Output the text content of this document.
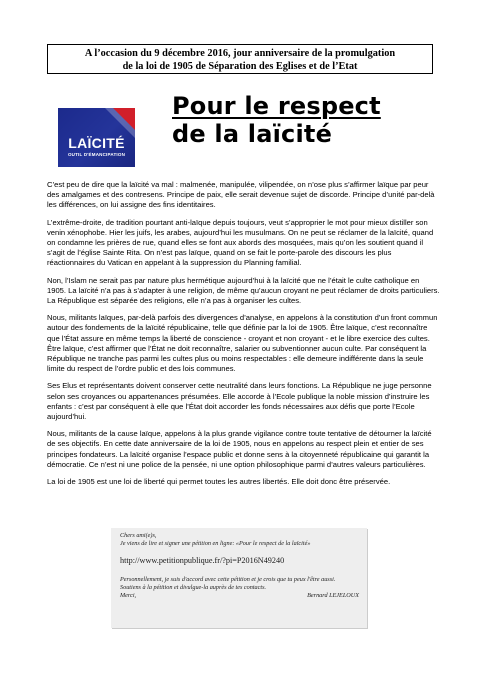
A l’occasion du 9 décembre 2016, jour anniversaire de la promulgation
de la loi de 1905 de Séparation des Eglises et de l’Etat
LAÏCITÉ
OUTIL D'ÉMANCIPATION
Pour le respect
de la laïcité

C’est peu de dire que la laïcité va mal : malmenée, manipulée, vilipendée, on n’ose plus s’affirmer laïque par peur des amalgames et des contresens. Principe de paix, elle serait devenue sujet de discorde. Principe d’unité par-delà les différences, on lui assigne des fins identitaires.

L’extrême-droite, de tradition pourtant anti-laïque depuis toujours, veut s’approprier le mot pour mieux distiller son venin xénophobe. Hier les juifs, les arabes, aujourd’hui les musulmans. On ne peut se réclamer de la laïcité, quand on condamne les prières de rue, quand elles se font aux abords des mosquées, mais qu’on les soutient quand il s’agit de l’église Sainte Rita. On n’est pas laïque, quand on se fait le porte-parole des discours les plus réactionnaires du Vatican en appelant à la suppression du Planning familial.

Non, l’Islam ne serait pas par nature plus hermétique aujourd’hui à la laïcité que ne l’était le culte catholique en 1905. La laïcité n’a pas à s’adapter à une religion, de même qu’aucun croyant ne peut réclamer de droits particuliers. La République est séparée des religions, elle n’a pas à organiser les cultes.

Nous, militants laïques, par-delà parfois des divergences d’analyse, en appelons à la constitution d’un front commun autour des fondements de la laïcité républicaine, telle que définie par la loi de 1905. Être laïque, c’est reconnaître que l’État assure en même temps la liberté de conscience - croyant et non croyant - et le libre exercice des cultes. Être laïque, c’est affirmer que l’État ne doit reconnaître, salarier ou subventionner aucun culte. Par conséquent la République ne tranche pas parmi les cultes plus ou moins respectables : elle demeure indifférente dans la seule limite du respect de l’ordre public et des lois communes.

Ses Elus et représentants doivent conserver cette neutralité dans leurs fonctions. La République ne juge personne selon ses croyances ou appartenances présumées. Elle accorde à l’Ecole publique la noble mission d’instruire les enfants : c’est par conséquent à elle que l’État doit accorder les fonds nécessaires aux défis que porte l’Ecole aujourd’hui.

Nous, militants de la cause laïque, appelons à la plus grande vigilance contre toute tentative de détourner la laïcité de ses objectifs. En cette date anniversaire de la loi de 1905, nous en appelons au respect plein et entier de ses principes fondateurs. La laïcité organise l’espace public et donne sens à la citoyenneté républicaine qui garantit la démocratie. Ce n’est ni une police de la pensée, ni une option philosophique parmi d’autres valeurs particulières.

La loi de 1905 est une loi de liberté qui permet toutes les autres libertés. Elle doit donc être préservée.

Chers ami(e)s,
Je viens de lire et signer une pétition en ligne: «Pour le respect de la laïcité»
http://www.petitionpublique.fr/?pi=P2016N49240
Personnellement, je suis d'accord avec cette pétition et je crois que tu peux l'être aussi.
Soutiens à la pétition et divulgue-la auprès de tes contacts.
Merci,	Bernard LEJELOUX
